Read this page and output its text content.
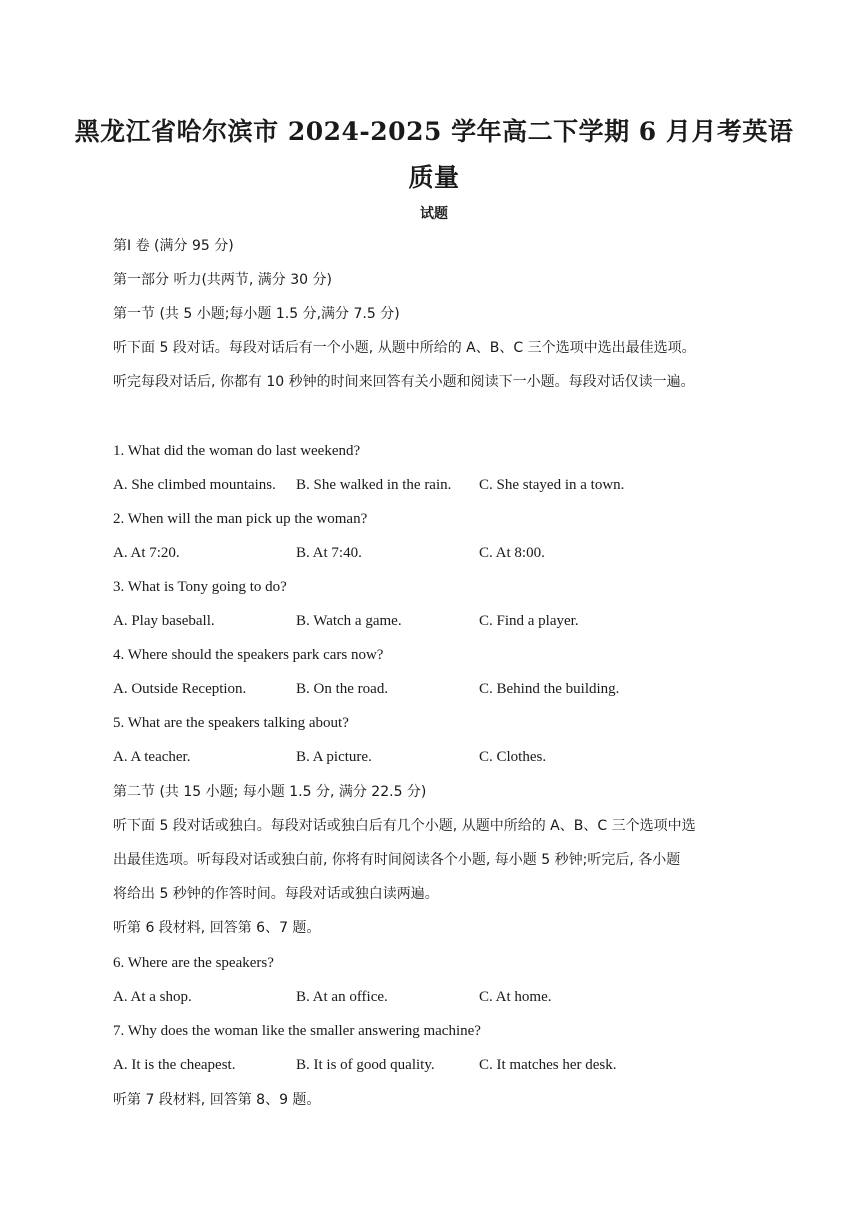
黑龙江省哈尔滨市 2024-2025 学年高二下学期 6 月月考英语
质量
试题
第I 卷 (满分 95 分)
第一部分 听力(共两节, 满分 30 分)
第一节 (共 5 小题;每小题 1.5 分,满分 7.5 分)
听下面 5 段对话。每段对话后有一个小题, 从题中所给的 A、B、C 三个选项中选出最佳选项。
听完每段对话后, 你都有 10 秒钟的时间来回答有关小题和阅读下一小题。每段对话仅读一遍。
1. What did the woman do last weekend?
A. She climbed mountains. B. She walked in the rain. C. She stayed in a town.
2. When will the man pick up the woman?
A. At 7:20.	B. At 7:40.	C. At 8:00.
3. What is Tony going to do?
A. Play baseball.	B. Watch a game.	C. Find a player.
4. Where should the speakers park cars now?
A. Outside Reception.	B. On the road.	C. Behind the building.
5. What are the speakers talking about?
A. A teacher.	B. A picture.	C. Clothes.
第二节 (共 15 小题; 每小题 1.5 分, 满分 22.5 分)
听下面 5 段对话或独白。每段对话或独白后有几个小题, 从题中所给的 A、B、C 三个选项中选
出最佳选项。听每段对话或独白前, 你将有时间阅读各个小题, 每小题 5 秒钟;听完后, 各小题
将给出 5 秒钟的作答时间。每段对话或独白读两遍。
听第 6 段材料, 回答第 6、7 题。
6. Where are the speakers?
A. At a shop.	B. At an office.	C. At home.
7. Why does the woman like the smaller answering machine?
A. It is the cheapest.	B. It is of good quality.	C. It matches her desk.
听第 7 段材料, 回答第 8、9 题。
